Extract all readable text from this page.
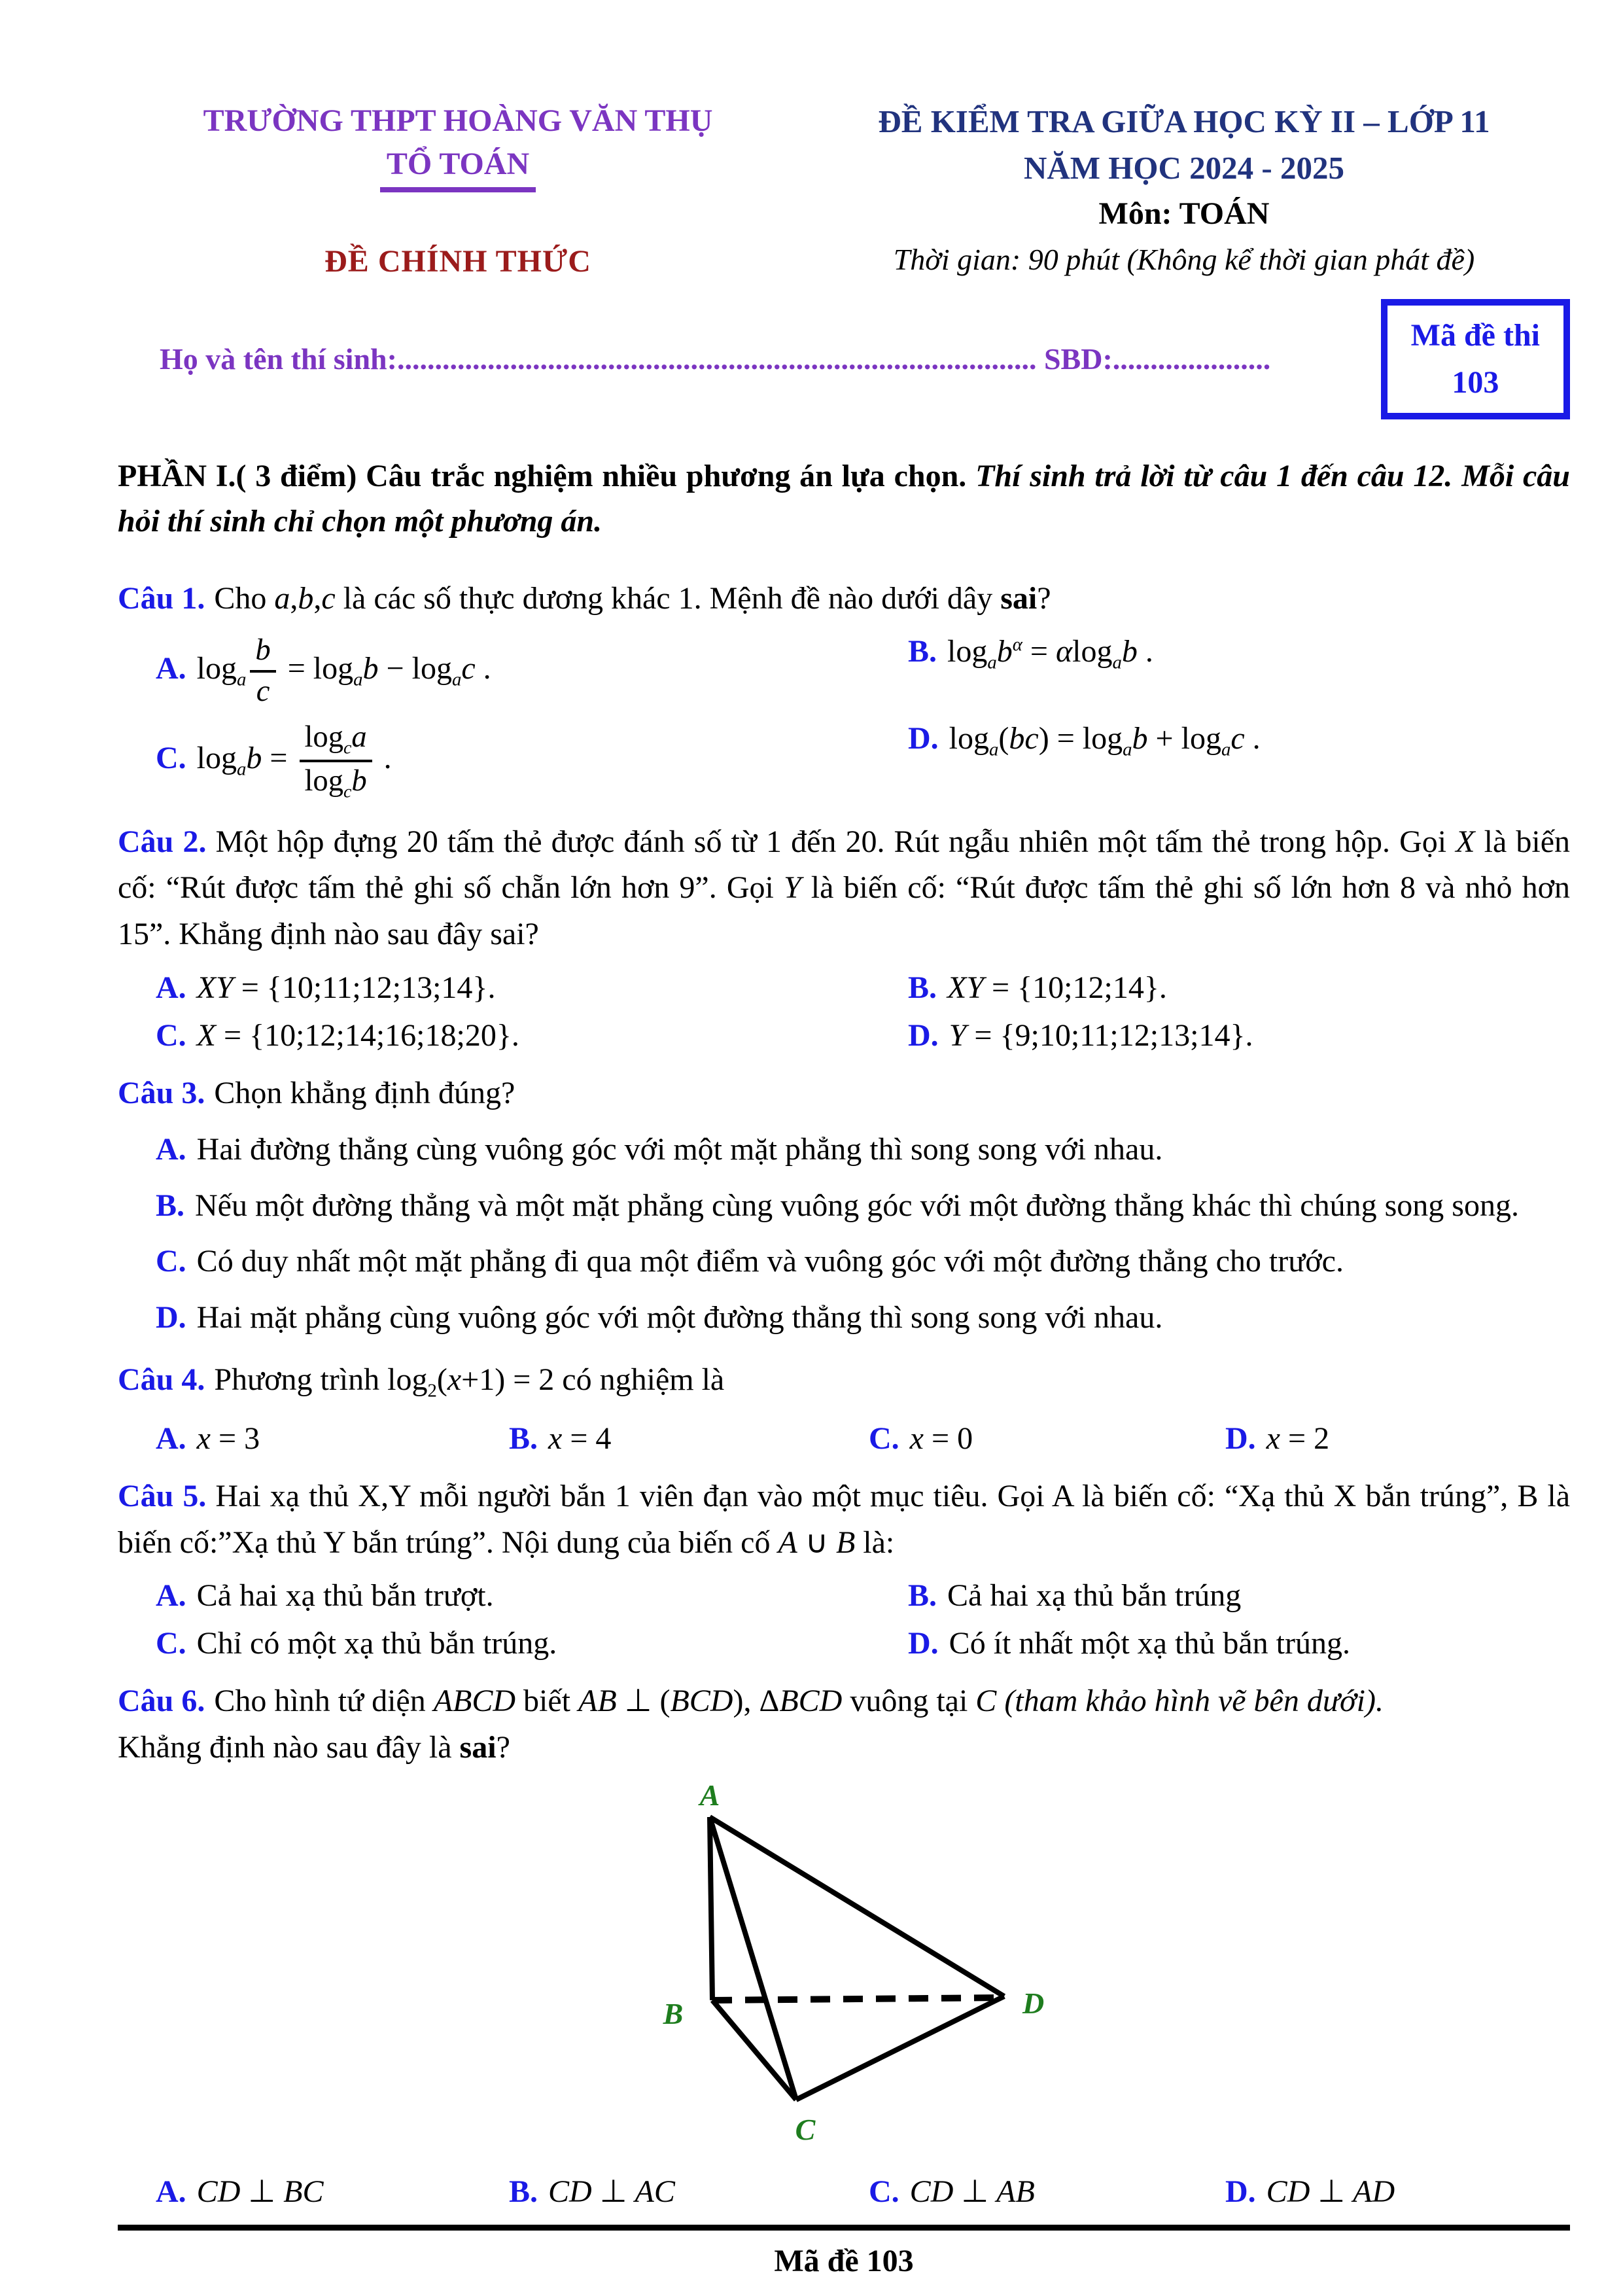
TRƯỜNG THPT HOÀNG VĂN THỤ
TỔ TOÁN
ĐỀ CHÍNH THỨC
ĐỀ KIỂM TRA GIỮA HỌC KỲ II – LỚP 11
NĂM HỌC 2024 - 2025
Môn: TOÁN
Thời gian: 90 phút (Không kể thời gian phát đề)
Họ và tên thí sinh:..................................................................................... SBD:.....................
Mã đề thi
103

PHẦN I.( 3 điểm) Câu trắc nghiệm nhiều phương án lựa chọn. Thí sinh trả lời từ câu 1 đến câu 12. Mỗi câu hỏi thí sinh chỉ chọn một phương án.

Câu 1. Cho a,b,c là các số thực dương khác 1. Mệnh đề nào dưới dây sai?

A. $\log_a \frac{b}{c} = \log_ab - \log_ac$ .	B. $\log_ab^\alpha = \alpha\log_ab$ .
C. $\log_ab = \frac{\log_ca}{\log_cb}$ .
D. $\log_a(bc) = \log_ab + \log_ac$ .

Câu 2. Một hộp đựng 20 tấm thẻ được đánh số từ 1 đến 20. Rút ngẫu nhiên một tấm thẻ trong hộp. Gọi X là biến cố: “Rút được tấm thẻ ghi số chẵn lớn hơn 9”. Gọi Y là biến cố: “Rút được tấm thẻ ghi số lớn hơn 8 và nhỏ hơn 15”. Khẳng định nào sau đây sai?

A. XY = {10;11;12;13;14}.	B. XY = {10;12;14}.
C. X = {10;12;14;16;18;20}.	D. Y = {9;10;11;12;13;14}.

Câu 3. Chọn khẳng định đúng?

A. Hai đường thẳng cùng vuông góc với một mặt phẳng thì song song với nhau.
B. Nếu một đường thẳng và một mặt phẳng cùng vuông góc với một đường thẳng khác thì chúng song song.
C. Có duy nhất một mặt phẳng đi qua một điểm và vuông góc với một đường thẳng cho trước.
D. Hai mặt phẳng cùng vuông góc với một đường thẳng thì song song với nhau.

Câu 4. Phương trình $\log_2(x+1) = 2$ có nghiệm là

A. x = 3	B. x = 4	C. x = 0	D. x = 2

Câu 5. Hai xạ thủ X,Y mỗi người bắn 1 viên đạn vào một mục tiêu. Gọi A là biến cố: “Xạ thủ X bắn trúng”, B là biến cố:”Xạ thủ Y bắn trúng”. Nội dung của biến cố A ∪ B là:

A. Cả hai xạ thủ bắn trượt.	B. Cả hai xạ thủ bắn trúng
C. Chỉ có một xạ thủ bắn trúng.	D. Có ít nhất một xạ thủ bắn trúng.

Câu 6. Cho hình tứ diện ABCD biết AB ⊥ (BCD), ΔBCD vuông tại C (tham khảo hình vẽ bên dưới).

Khẳng định nào sau đây là sai?

A
B
C
D
A. CD ⊥ BC	B. CD ⊥ AC	C. CD ⊥ AB	D. CD ⊥ AD
Mã đề 103
